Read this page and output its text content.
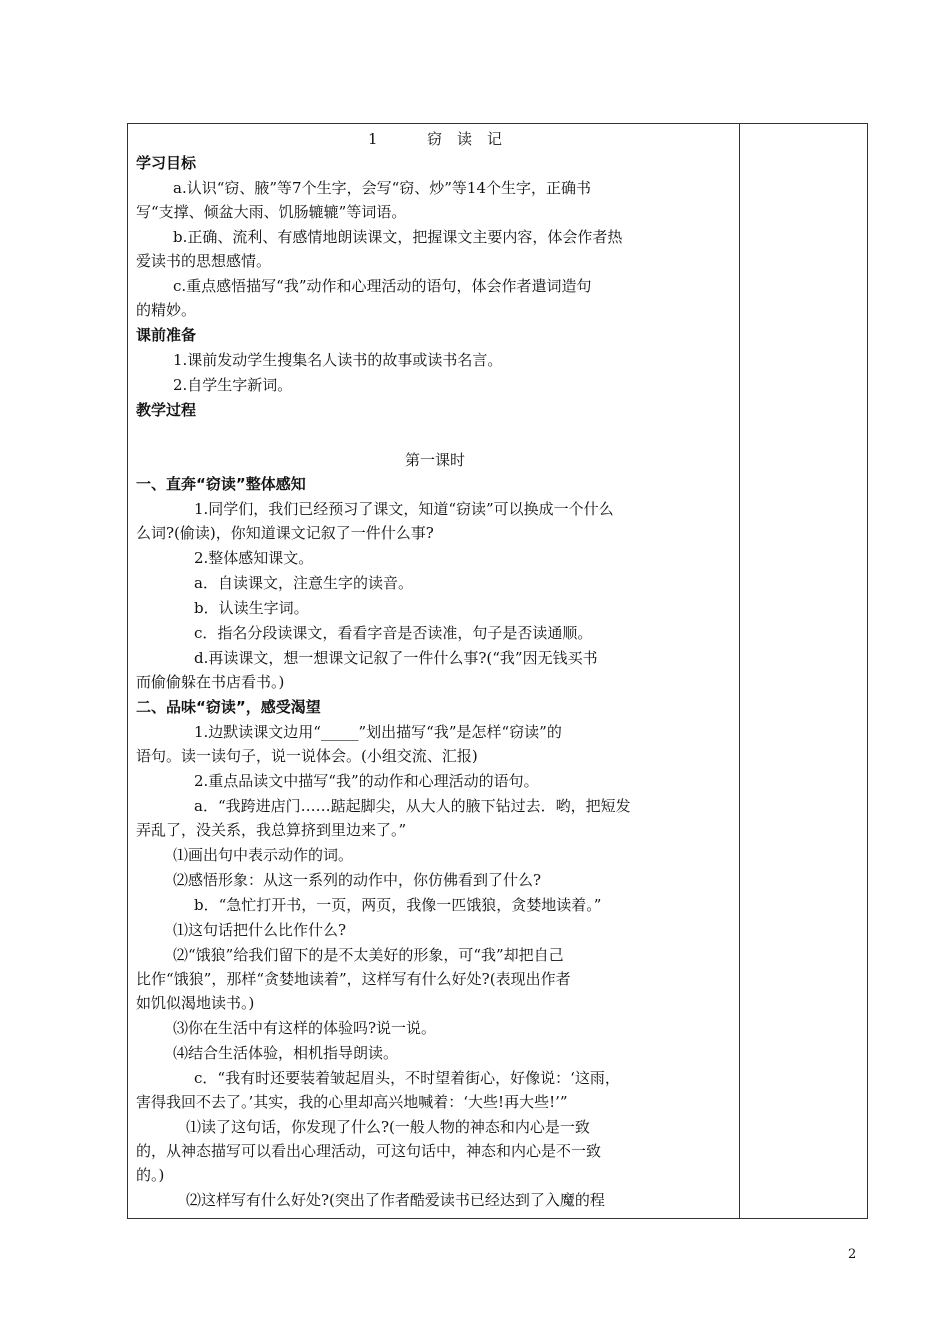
1	窃　读　记
学习目标
a.认识“窃、腋”等7个生字，会写“窃、炒”等14个生字，正确书
写“支撑、倾盆大雨、饥肠辘辘”等词语。
b.正确、流利、有感情地朗读课文，把握课文主要内容，体会作者热
爱读书的思想感情。
c.重点感悟描写“我”动作和心理活动的语句，体会作者遣词造句
的精妙。
课前准备
1.课前发动学生搜集名人读书的故事或读书名言。
2.自学生字新词。
教学过程
第一课时
一、直奔“窃读”整体感知
1.同学们，我们已经预习了课文，知道“窃读”可以换成一个什么
么词?(偷读)，你知道课文记叙了一件什么事?
2.整体感知课文。
a．自读课文，注意生字的读音。
b．认读生字词。
c．指名分段读课文，看看字音是否读准，句子是否读通顺。
d.再读课文，想一想课文记叙了一件什么事?(“我”因无钱买书
而偷偷躲在书店看书。)
二、品味“窃读”，感受渴望
1.边默读课文边用“_____”划出描写“我”是怎样“窃读”的
语句。读一读句子，说一说体会。(小组交流、汇报)
2.重点品读文中描写“我”的动作和心理活动的语句。
a．“我跨进店门……踮起脚尖，从大人的腋下钻过去．哟，把短发
弄乱了，没关系，我总算挤到里边来了。”
⑴画出句中表示动作的词。
⑵感悟形象：从这一系列的动作中，你仿佛看到了什么?
b．“急忙打开书，一页，两页，我像一匹饿狼，贪婪地读着。”
⑴这句话把什么比作什么?
⑵“饿狼”给我们留下的是不太美好的形象，可“我”却把自己
比作“饿狼”，那样“贪婪地读着”，这样写有什么好处?(表现出作者
如饥似渴地读书。)
⑶你在生活中有这样的体验吗?说一说。
⑷结合生活体验，相机指导朗读。
c．“我有时还要装着皱起眉头，不时望着街心，好像说：‘这雨，
害得我回不去了。’其实，我的心里却高兴地喊着：‘大些!再大些!’”
⑴读了这句话，你发现了什么?(一般人物的神态和内心是一致
的，从神态描写可以看出心理活动，可这句话中，神态和内心是不一致
的。)
⑵这样写有什么好处?(突出了作者酷爱读书已经达到了入魔的程
2
